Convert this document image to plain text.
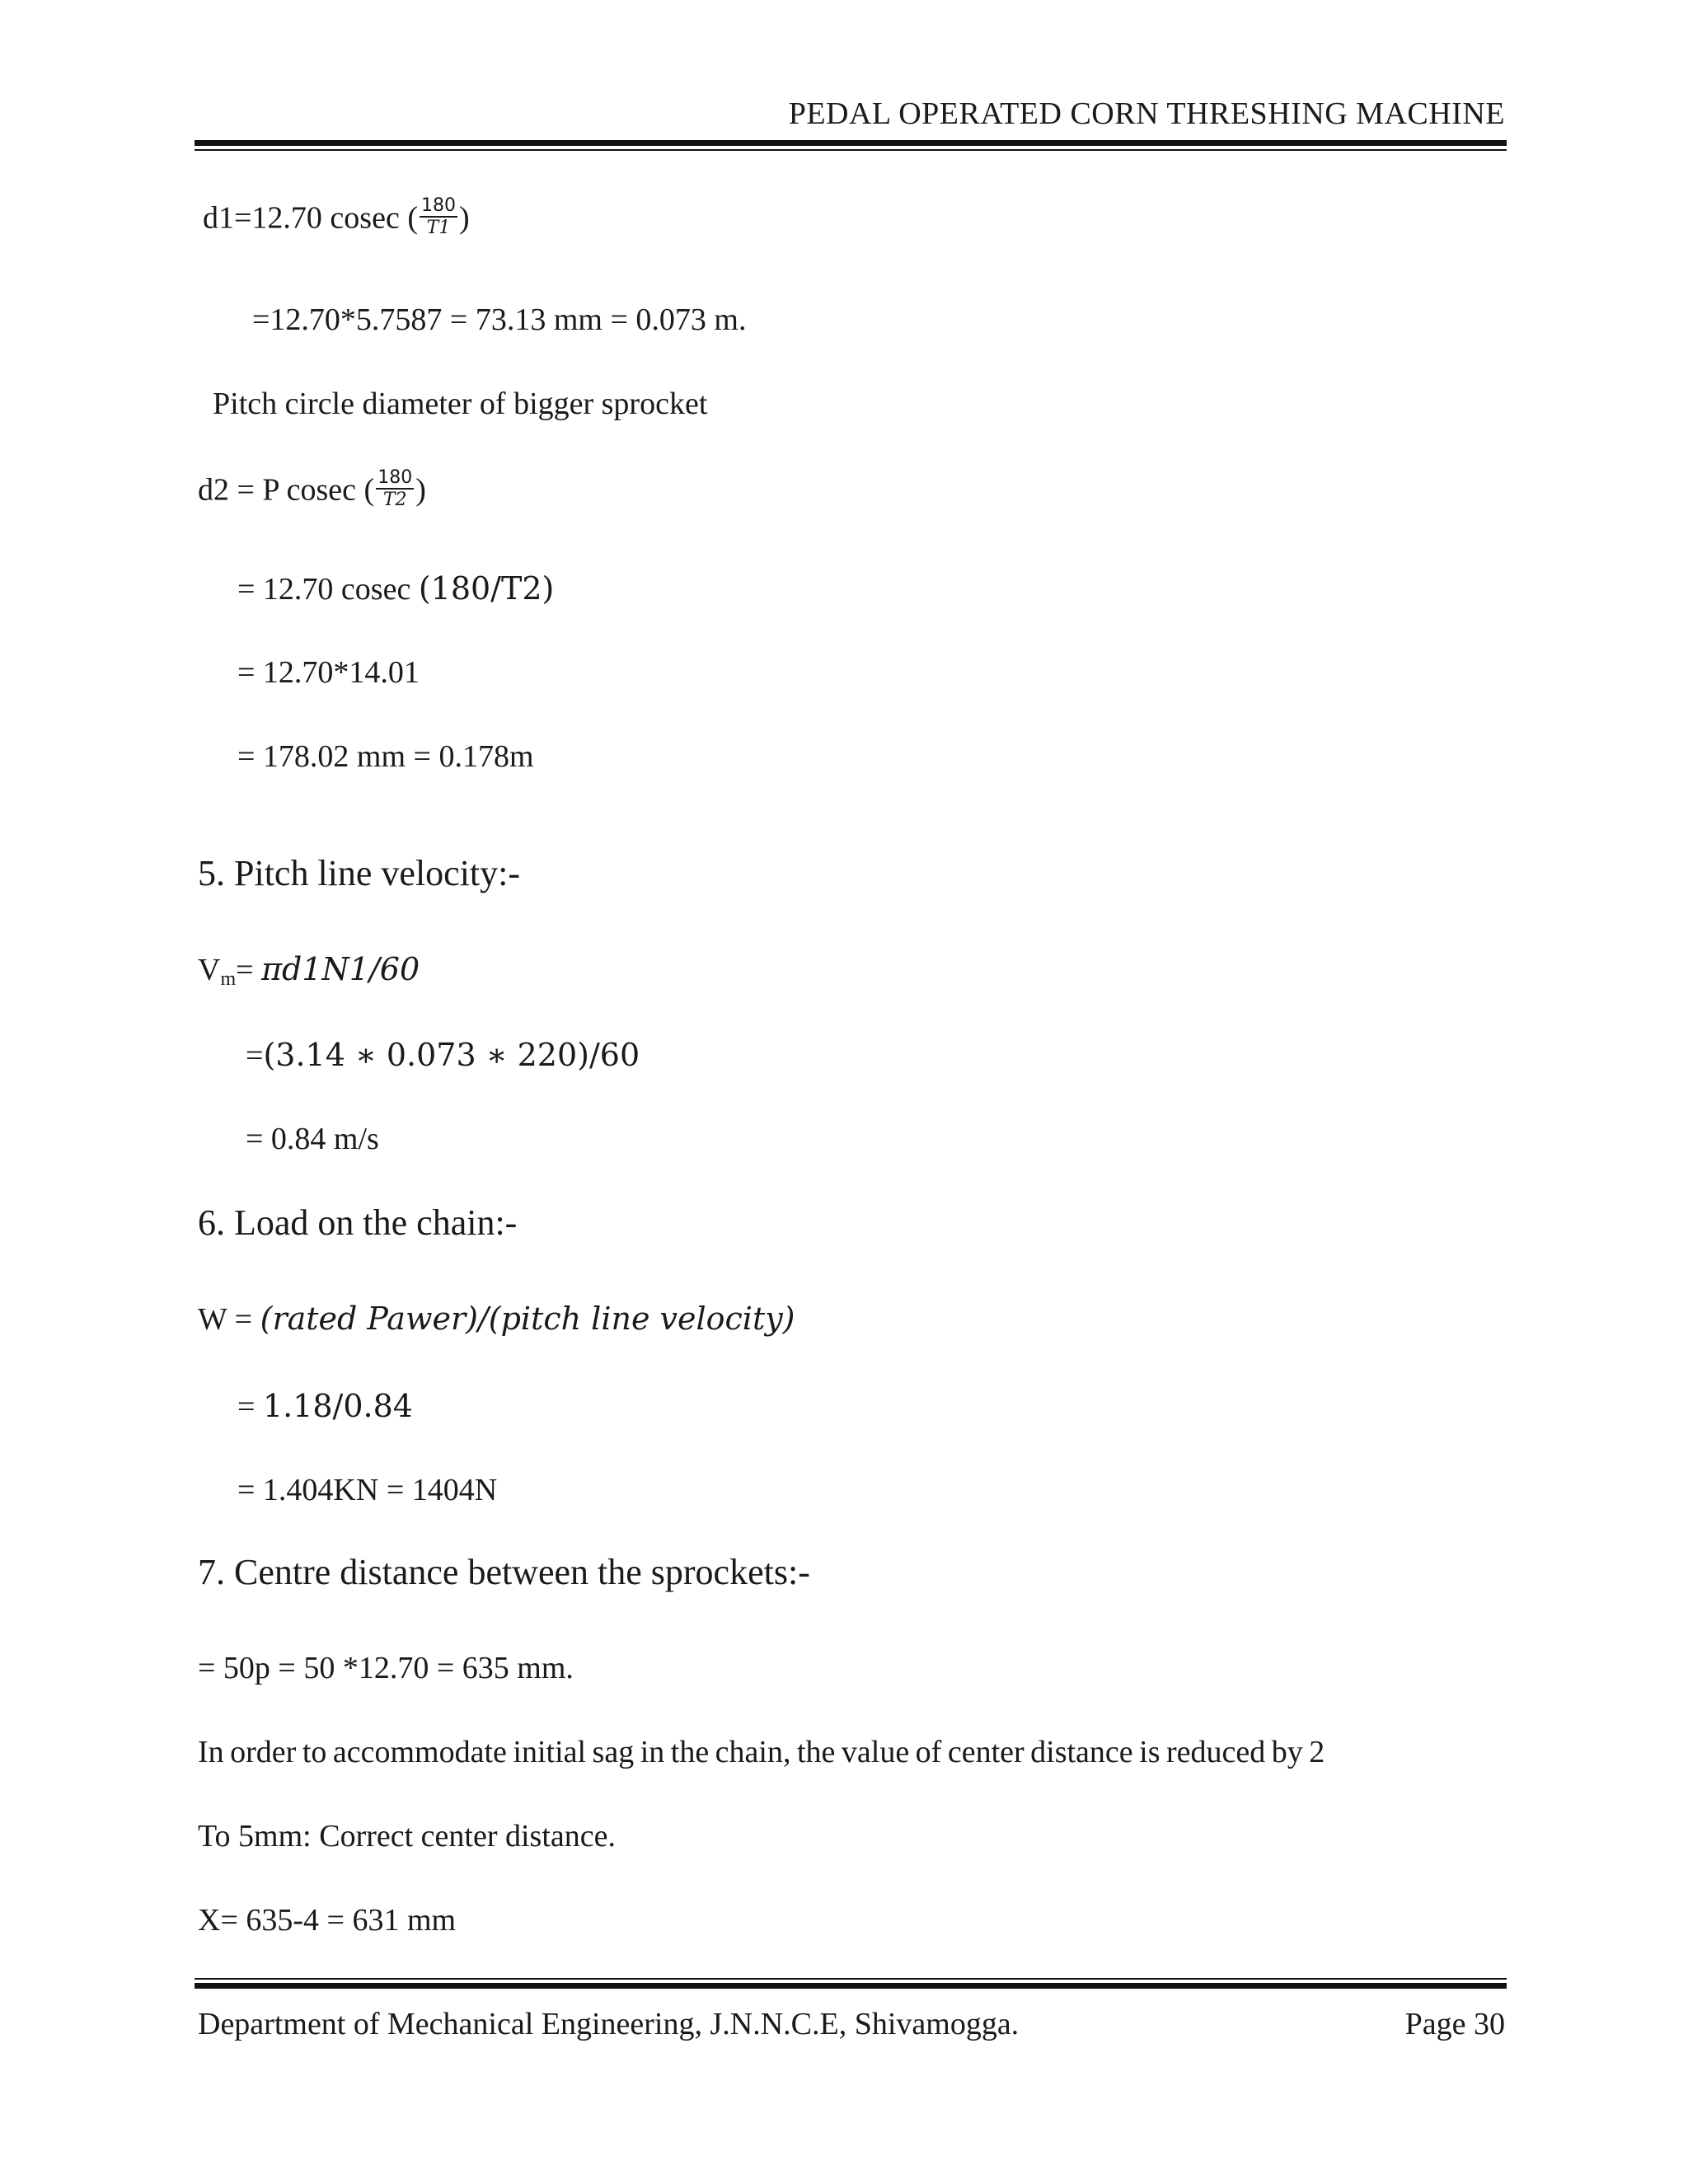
PEDAL OPERATED CORN THRESHING MACHINE
d1=12.70 cosec ( $\frac{180}{T1}$ )
=12.70*5.7587 = 73.13 mm = 0.073 m.
Pitch circle diameter of bigger sprocket
d2 = P cosec ( $\frac{180}{T2}$ )
= 12.70 cosec (180/T2)
= 12.70*14.01
= 178.02 mm = 0.178m
5. Pitch line velocity:-
$V_m= \pi d1N1/60$
=(3.14 ∗ 0.073 ∗ 220)/60
= 0.84 m/s
6. Load on the chain:-
W = (rated Pawer)/(pitch line velocity)
= 1.18/0.84
= 1.404KN = 1404N
7. Centre distance between the sprockets:-
= 50p = 50 *12.70 = 635 mm.
In order to accommodate initial sag in the chain, the value of center distance is reduced by 2
To 5mm: Correct center distance.
X= 635-4 = 631 mm
Department of Mechanical Engineering, J.N.N.C.E, Shivamogga.	Page 30
